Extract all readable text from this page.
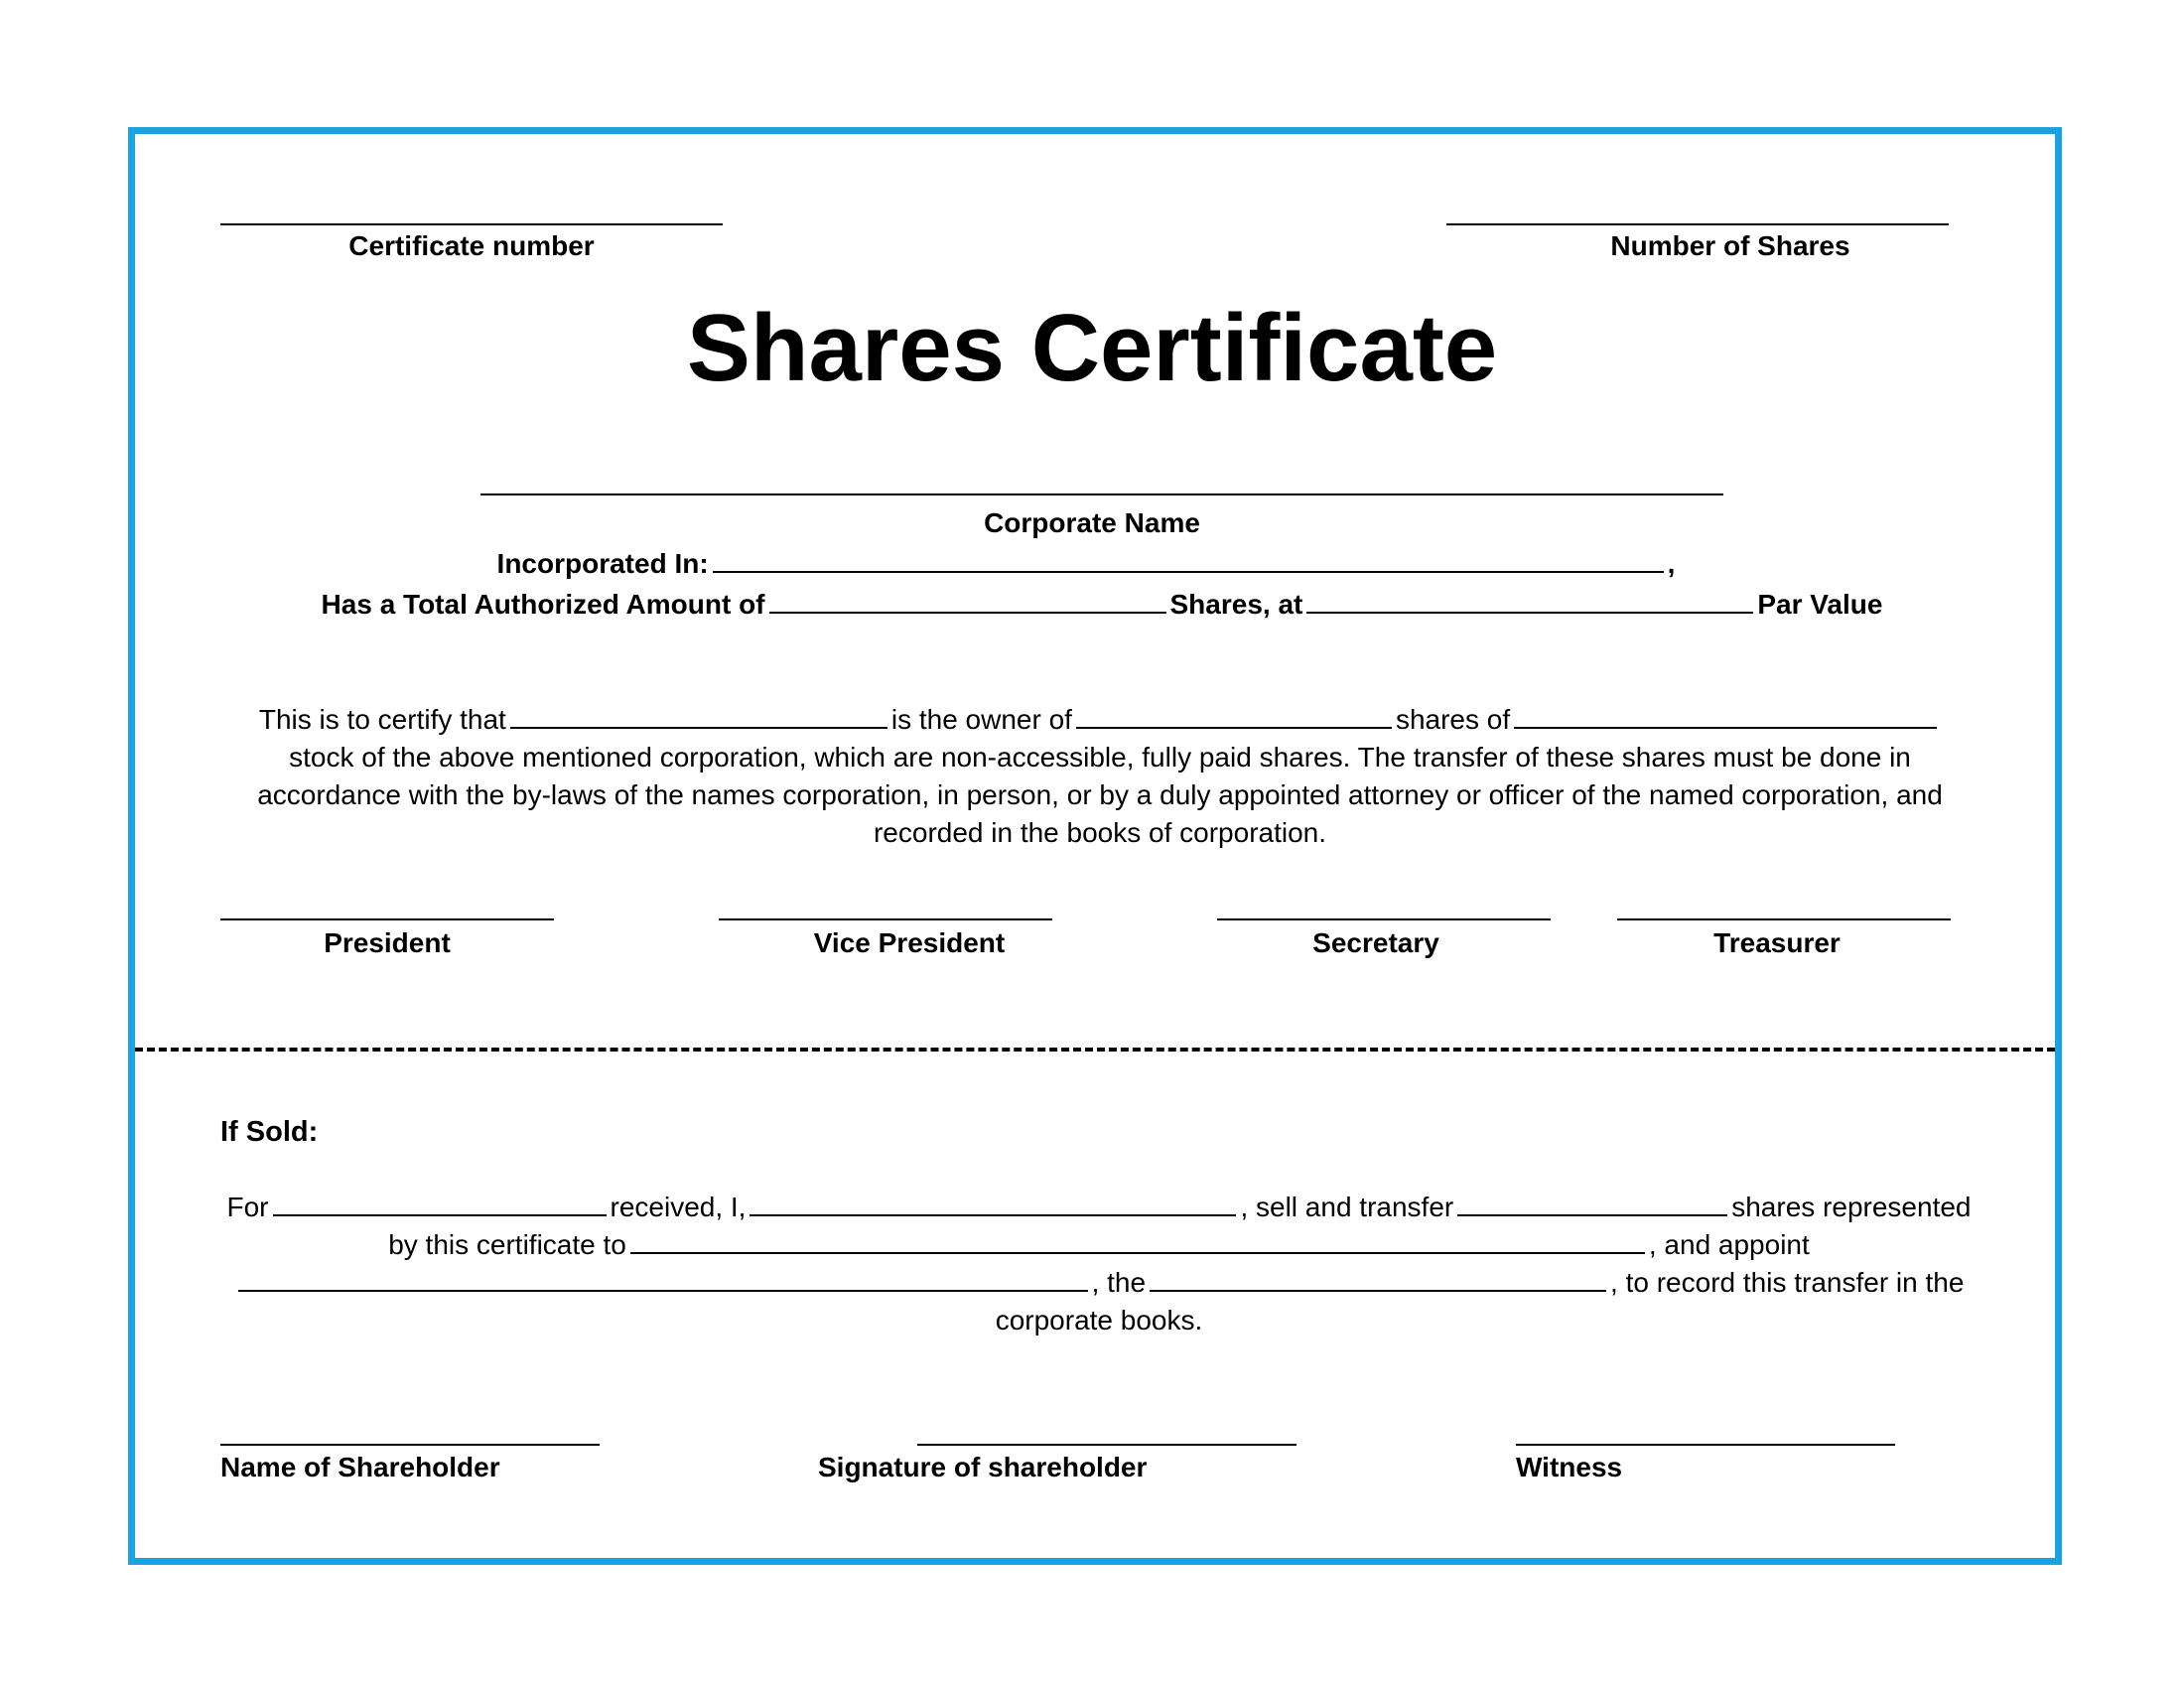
Certificate number	Number of Shares
Shares Certificate
Corporate Name
Incorporated In:	,
Has a Total Authorized Amount of	Shares, at	Par Value
This is to certify that	is the owner of	shares of stock of the above mentioned corporation, which are non-accessible, fully paid shares. The transfer of these shares must be done in accordance with the by-laws of the names corporation, in person, or by a duly appointed attorney or officer of the named corporation, and recorded in the books of corporation.
President	Vice President	Secretary	Treasurer
If Sold:
For	received, I,	, sell and transfer	shares represented by this certificate to	, and appoint , the	, to record this transfer in the corporate books.
Name of Shareholder	Signature of shareholder	Witness
